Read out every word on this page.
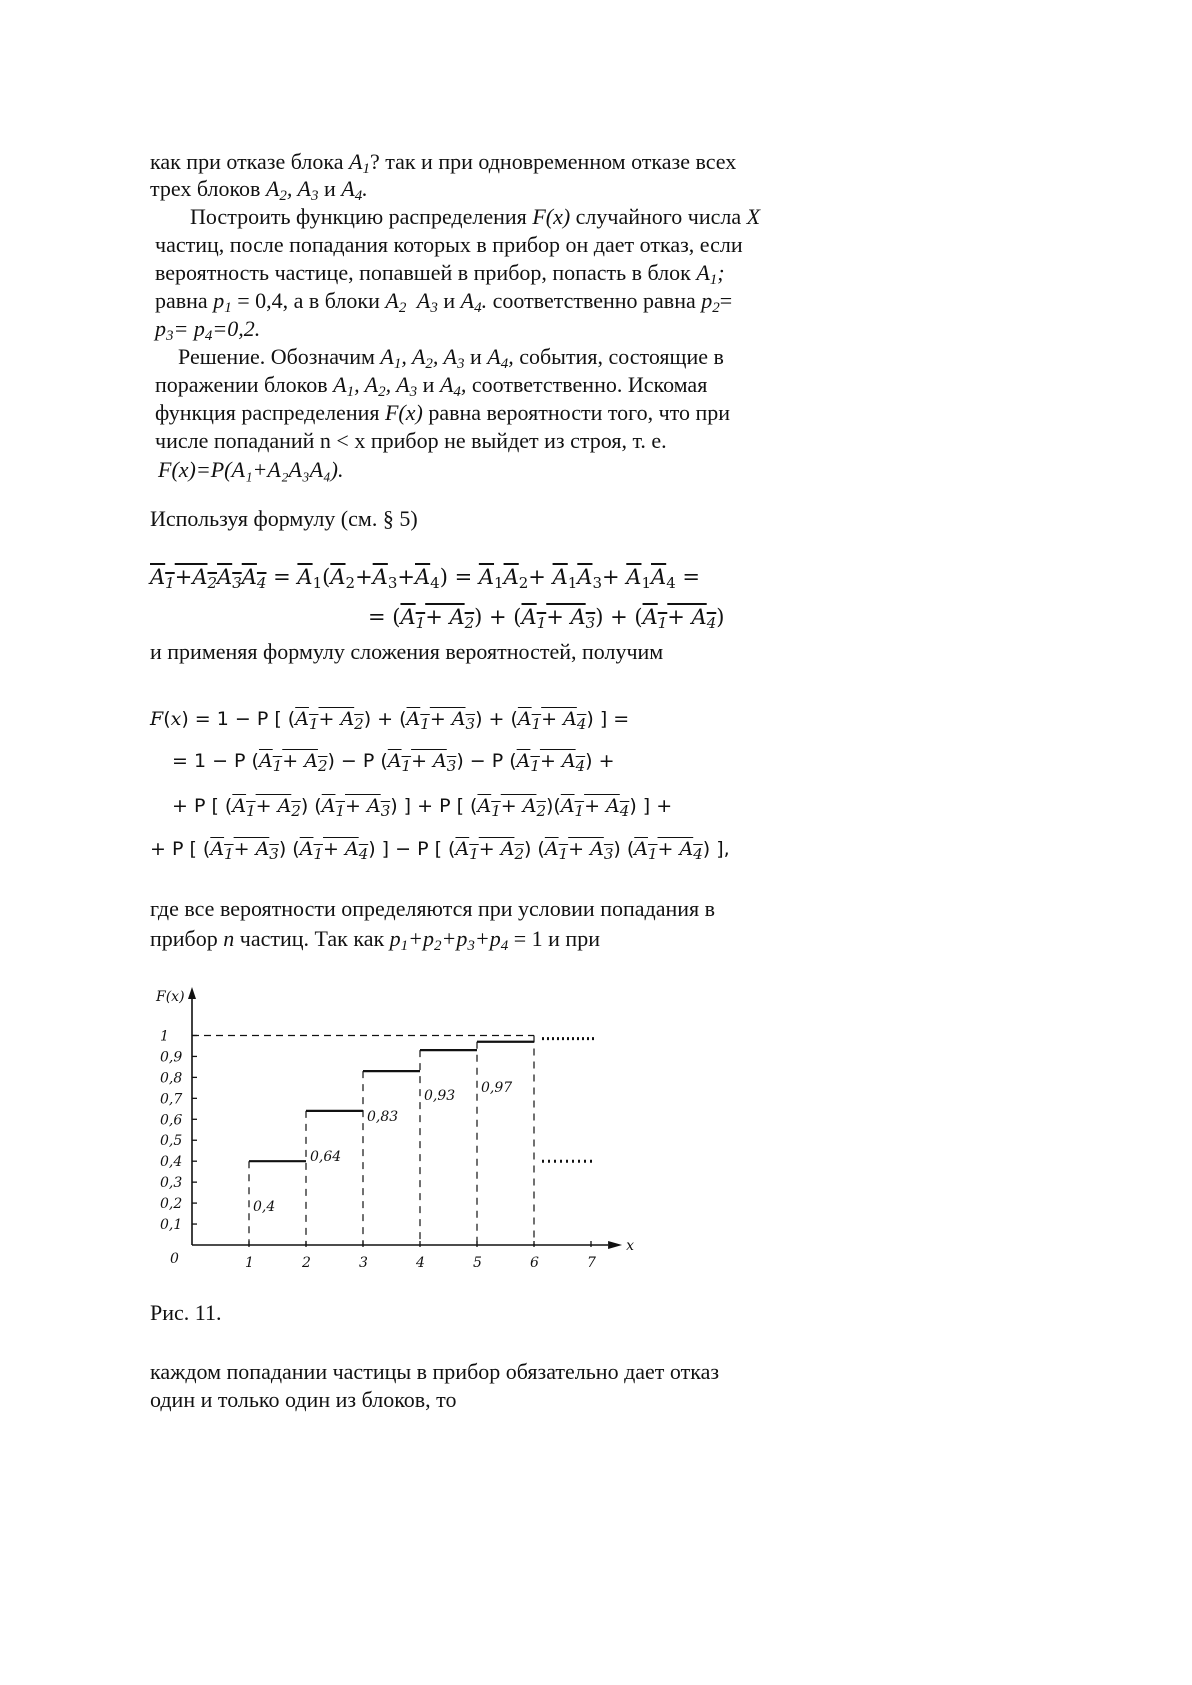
как при отказе блока $A_1$? так и при одновременном отказе всех
трех блоков $A_2$, $A_3$ и $A_4$.
Построить функцию распределения F(x) случайного числа X
частиц, после попадания которых в прибор он дает отказ, если
вероятность частице, попавшей в прибор, попасть в блок $A_1$;
равна $p_1 = 0,4$, а в блоки $A_2$  $A_3$ и $A_4$. соответственно равна $p_2=$
$p_3= p_4=0,2$.
Решение. Обозначим $A_1$, $A_2$, $A_3$ и $A_4$, события, состоящие в
поражении блоков $A_1$, $A_2$, $A_3$ и $A_4$, соответственно. Искомая
функция распределения F(x) равна вероятности того, что при
числе попаданий n < x прибор не выйдет из строя, т. е.
F(x)=P(A₁+A₂A₃A₄).
Используя формулу (см. § 5)
$A_1+A_2A_3A_4 = \overline{A}_1(\overline{A}_2+\overline{A}_3+\overline{A}_4) = \overline{A}_1\overline{A}_2+ \overline{A}_1\overline{A}_3+ \overline{A}_1\overline{A}_4$ =
= $(A_1+ A_2) + (A_1+ A_3) + (A_1+ A_4)$
и применяя формулу сложения вероятностей, получим
F(x) = 1 − P [ $(A_1+ A_2) + (A_1+ A_3) + (A_1+ A_4)$ ] =
= 1 − P $(A_1+ A_2) - P$ $(A_1+ A_3) - P$ $(A_1+ A_4)$ +
+ P [ $(A_1+ A_2)$ $(A_1+ A_3)$ ] + P [ $(A_1+ A_2)(A_1+ A_4)$ ] +
+ P [ $(A_1+ A_3)$ $(A_1+ A_4)$ ] − P [ $(A_1+ A_2)$ $(A_1+ A_3)$ $(A_1+ A_4)$ ],
где все вероятности определяются при условии попадания в
прибор n частиц. Так как $p_1+p_2+p_3+p_4 = 1$ и при
F(x)
x
0
0,1
0,2
0,3
0,4
0,5
0,6
0,7
0,8
0,9
1
1	2	3	4	5	6	7
0,4
0,64
0,83
0,93
0,97
Рис. 11.
каждом попадании частицы в прибор обязательно дает отказ
один и только один из блоков, то
